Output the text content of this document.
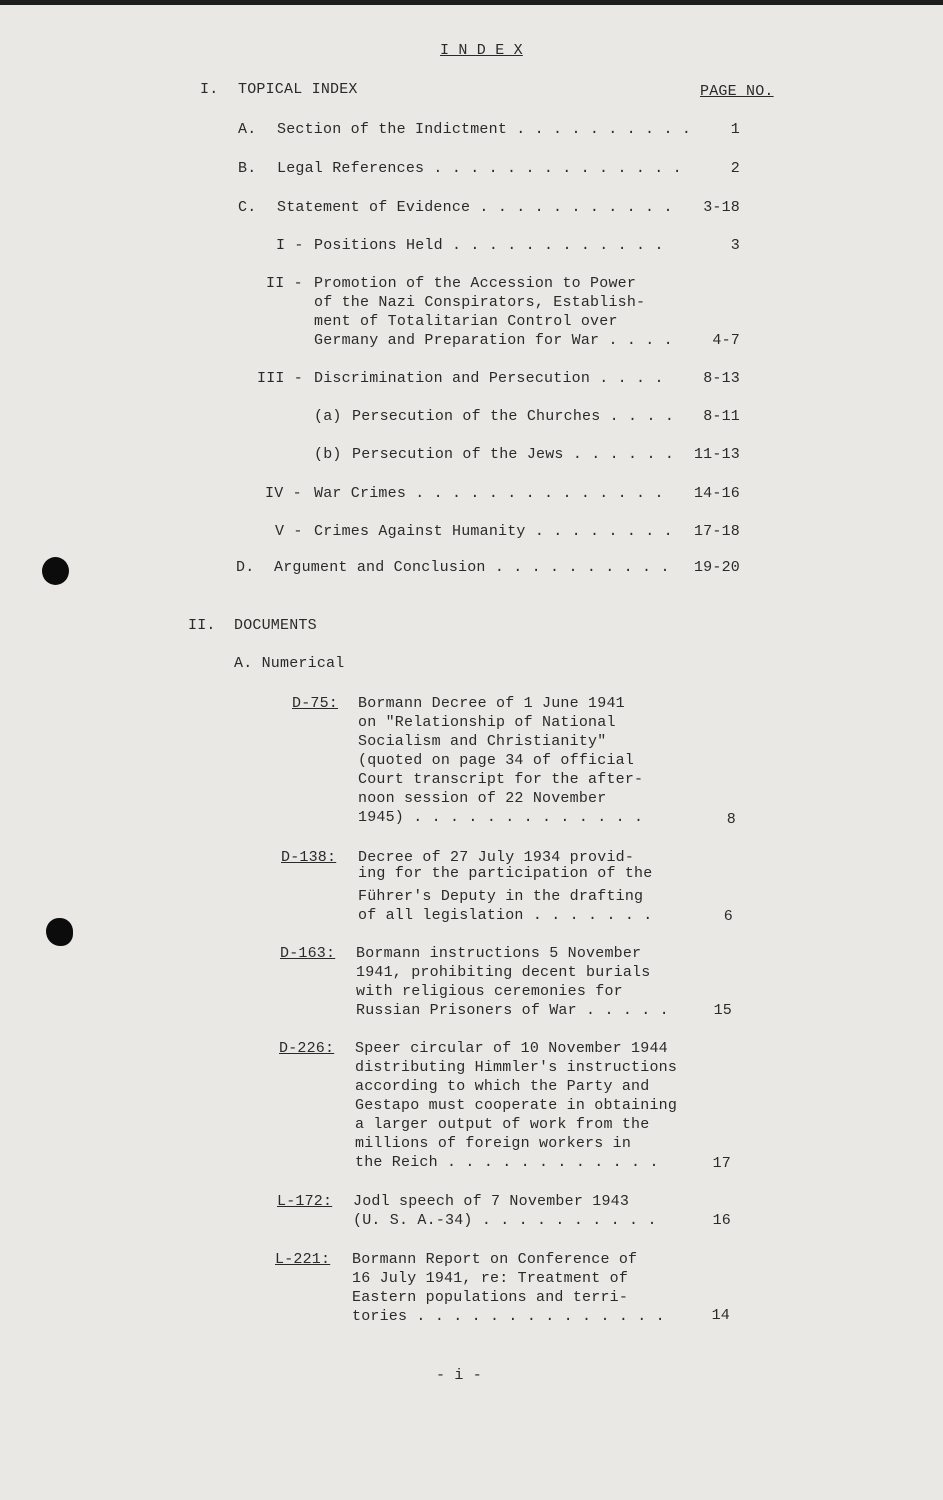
I N D E X
I. TOPICAL INDEX	PAGE NO.
A. Section of the Indictment . . . . . . . . . .	1
B. Legal References . . . . . . . . . . . . . .	2
C. Statement of Evidence . . . . . . . . . . .	3-18
I - Positions Held . . . . . . . . . . . .	3
II - Promotion of the Accession to Power
of the Nazi Conspirators, Establish-
ment of Totalitarian Control over
Germany and Preparation for War . . . .	4-7
III - Discrimination and Persecution . . . .	8-13
(a) Persecution of the Churches . . . .	8-11
(b) Persecution of the Jews . . . . . .	11-13
IV - War Crimes . . . . . . . . . . . . . .	14-16
V - Crimes Against Humanity . . . . . . . .	17-18
D. Argument and Conclusion . . . . . . . . . .	19-20
II. DOCUMENTS
A. Numerical
D-75: Bormann Decree of 1 June 1941
on "Relationship of National
Socialism and Christianity"
(quoted on page 34 of official
Court transcript for the after-
noon session of 22 November
1945) . . . . . . . . . . . . .	8
D-138: Decree of 27 July 1934 provid-
ing for the participation of the
Führer's Deputy in the drafting
of all legislation . . . . . . .	6
D-163: Bormann instructions 5 November
1941, prohibiting decent burials
with religious ceremonies for
Russian Prisoners of War . . . . .	15
D-226: Speer circular of 10 November 1944
distributing Himmler's instructions
according to which the Party and
Gestapo must cooperate in obtaining
a larger output of work from the
millions of foreign workers in
the Reich . . . . . . . . . . . .	17
L-172: Jodl speech of 7 November 1943
(U. S. A.-34) . . . . . . . . . .	16
L-221: Bormann Report on Conference of
16 July 1941, re: Treatment of
Eastern populations and terri-
tories . . . . . . . . . . . . . .	14
- i -
